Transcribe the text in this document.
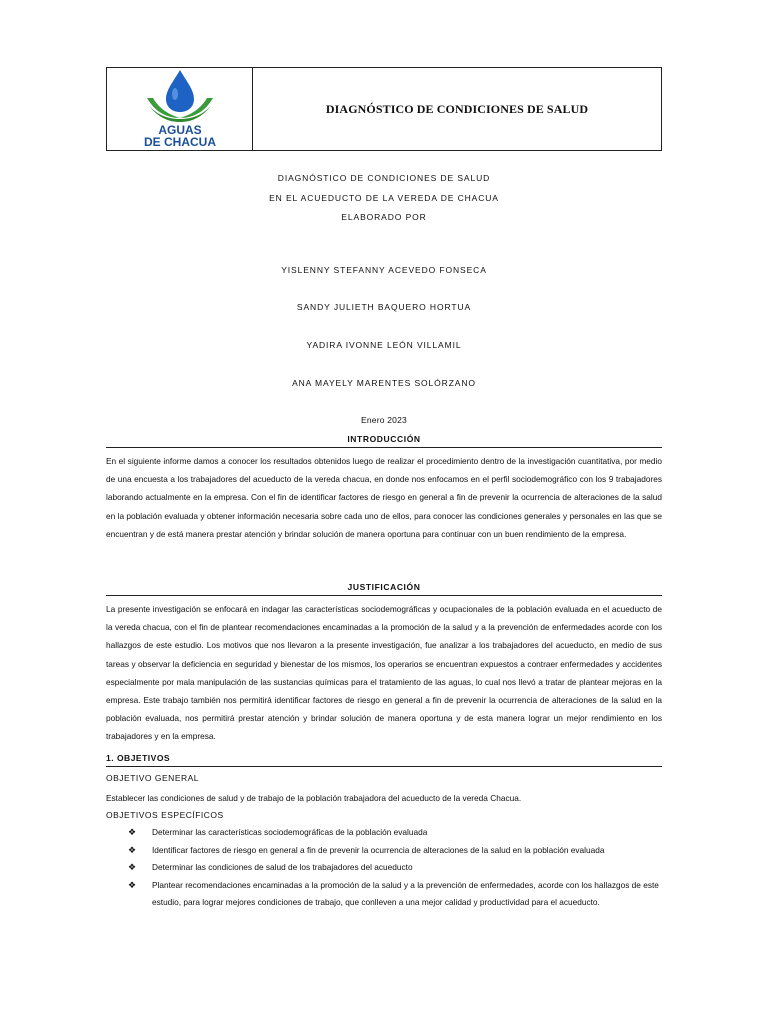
AGUAS
DE CHACUA
DIAGNÓSTICO DE CONDICIONES DE SALUD
DIAGNÓSTICO DE CONDICIONES DE SALUD
EN EL ACUEDUCTO DE LA VEREDA DE CHACUA
ELABORADO POR
YISLENNY STEFANNY ACEVEDO FONSECA
SANDY JULIETH BAQUERO HORTUA
YADIRA IVONNE LEÓN VILLAMIL
ANA MAYELY MARENTES SOLÓRZANO
Enero 2023
INTRODUCCIÓN
En el siguiente informe damos a conocer los resultados obtenidos luego de realizar el procedimiento dentro de la investigación cuantitativa, por medio de una encuesta a los trabajadores del acueducto de la vereda chacua, en donde nos enfocamos en el perfil sociodemográfico con los 9 trabajadores laborando actualmente en la empresa. Con el fin de identificar factores de riesgo en general a fin de prevenir la ocurrencia de alteraciones de la salud en la población evaluada y obtener información necesaria sobre cada uno de ellos, para conocer las condiciones generales y personales en las que se encuentran y de está manera prestar atención y brindar solución de manera oportuna para continuar con un buen rendimiento de la empresa.
JUSTIFICACIÓN
La presente investigación se enfocará en indagar las características sociodemográficas y ocupacionales de la población evaluada en el acueducto de la vereda chacua, con el fin de plantear recomendaciones encaminadas a la promoción de la salud y a la prevención de enfermedades acorde con los hallazgos de este estudio. Los motivos que nos llevaron a la presente investigación, fue analizar a los trabajadores del acueducto, en medio de sus tareas y observar la deficiencia en seguridad y bienestar de los mismos, los operarios se encuentran expuestos a contraer enfermedades y accidentes especialmente por mala manipulación de las sustancias químicas para el tratamiento de las aguas, lo cual nos llevó a tratar de plantear mejoras en la empresa. Este trabajo también nos permitirá identificar factores de riesgo en general a fin de prevenir la ocurrencia de alteraciones de la salud en la población evaluada, nos permitirá prestar atención y brindar solución de manera oportuna y de esta manera lograr un mejor rendimiento en los trabajadores y en la empresa.
1. OBJETIVOS
OBJETIVO GENERAL
Establecer las condiciones de salud y de trabajo de la población trabajadora del acueducto de la vereda Chacua.
OBJETIVOS ESPECÍFICOS
❖ Determinar las características sociodemográficas de la población evaluada
❖ Identificar factores de riesgo en general a fin de prevenir la ocurrencia de alteraciones de la salud en la población evaluada
❖ Determinar las condiciones de salud de los trabajadores del acueducto
❖ Plantear recomendaciones encaminadas a la promoción de la salud y a la prevención de enfermedades, acorde con los hallazgos de este estudio, para lograr mejores condiciones de trabajo, que conlleven a una mejor calidad y productividad para el acueducto.
